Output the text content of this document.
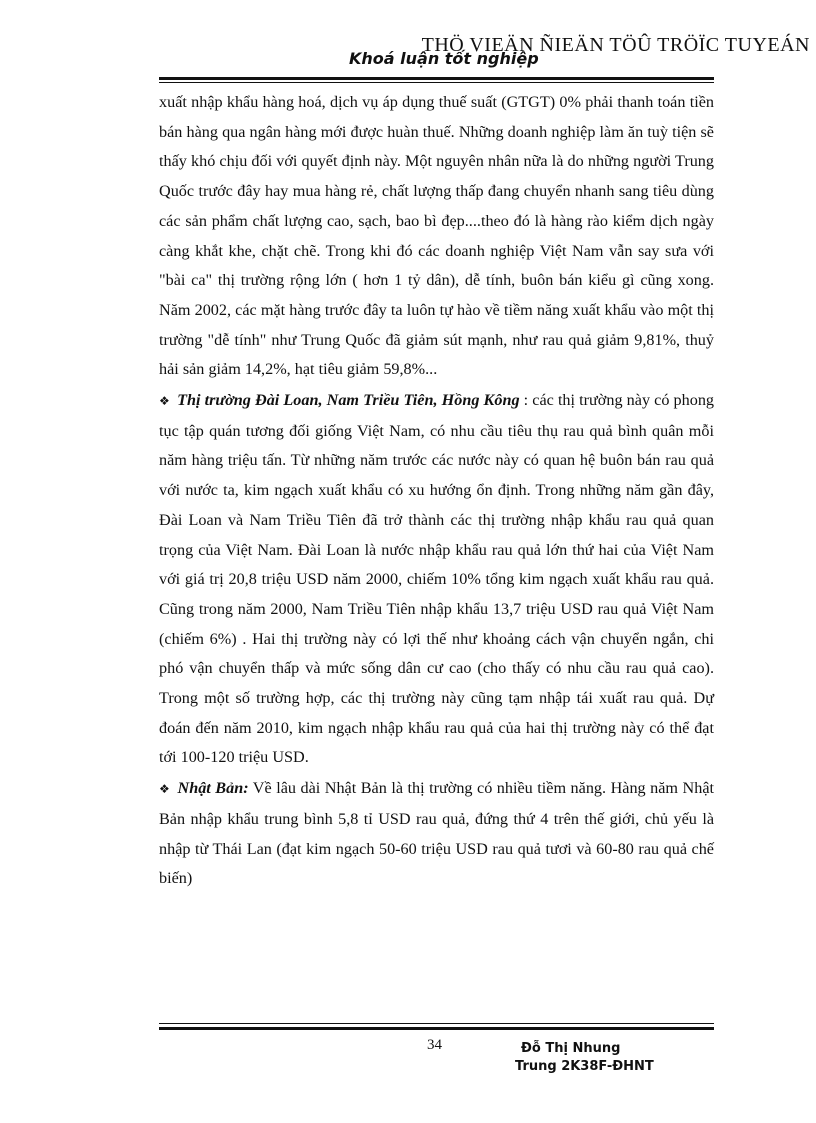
THÖ VIEÄN ÑIEÄN TÖÛ TRÖÏC TUYEÁN
Khoá luận tốt nghiệp

xuất nhập khẩu hàng hoá, dịch vụ áp dụng thuế suất (GTGT) 0% phải thanh toán tiền bán hàng qua ngân hàng mới được huàn thuế. Những doanh nghiệp làm ăn tuỳ tiện sẽ thấy khó chịu đối với quyết định này. Một nguyên nhân nữa là do những người Trung Quốc trước đây hay mua hàng rẻ, chất lượng thấp đang chuyển nhanh sang tiêu dùng các sản phẩm chất lượng cao, sạch, bao bì đẹp....theo đó là hàng rào kiểm dịch ngày càng khắt khe, chặt chẽ. Trong khi đó các doanh nghiệp Việt Nam vẫn say sưa với "bài ca" thị trường rộng lớn ( hơn 1 tỷ dân), dễ tính, buôn bán kiểu gì cũng xong. Năm 2002, các mặt hàng trước đây ta luôn tự hào về tiềm năng xuất khẩu vào một thị trường "dễ tính" như Trung Quốc đã giảm sút mạnh, như rau quả giảm 9,81%, thuỷ hải sản giảm 14,2%, hạt tiêu giảm 59,8%...

❖ Thị trường Đài Loan, Nam Triều Tiên, Hồng Kông : các thị trường này có phong tục tập quán tương đối giống Việt Nam, có nhu cầu tiêu thụ rau quả bình quân mỗi năm hàng triệu tấn. Từ những năm trước các nước này có quan hệ buôn bán rau quả với nước ta, kim ngạch xuất khẩu có xu hướng ổn định. Trong những năm gần đây, Đài Loan và Nam Triều Tiên đã trở thành các thị trường nhập khẩu rau quả quan trọng của Việt Nam. Đài Loan là nước nhập khẩu rau quả lớn thứ hai của Việt Nam với giá trị 20,8 triệu USD năm 2000, chiếm 10% tổng kim ngạch xuất khẩu rau quả. Cũng trong năm 2000, Nam Triều Tiên nhập khẩu 13,7 triệu USD rau quả Việt Nam (chiếm 6%) . Hai thị trường này có lợi thế như khoảng cách vận chuyển ngắn, chi phó vận chuyển thấp và mức sống dân cư cao (cho thấy có nhu cầu rau quả cao). Trong một số trường hợp, các thị trường này cũng tạm nhập tái xuất rau quả. Dự đoán đến năm 2010, kim ngạch nhập khẩu rau quả của hai thị trường này có thể đạt tới 100-120 triệu USD.

❖ Nhật Bản: Về lâu dài Nhật Bản là thị trường có nhiều tiềm năng. Hàng năm Nhật Bản nhập khẩu trung bình 5,8 tỉ USD rau quả, đứng thứ 4 trên thế giới, chủ yếu là nhập từ Thái Lan (đạt kim ngạch 50-60 triệu USD rau quả tươi và 60-80 rau quả chế biến)

34	Đỗ Thị Nhung
Trung 2K38F-ĐHNT
